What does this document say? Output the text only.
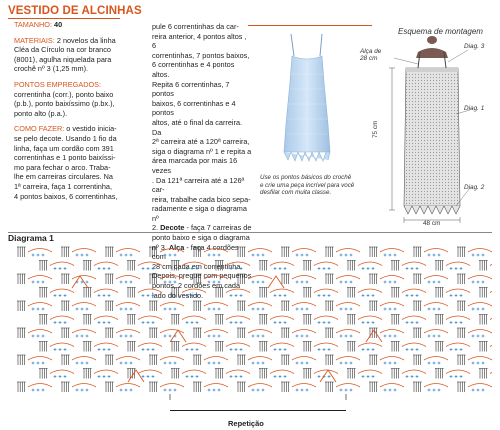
VESTIDO DE ALCINHAS
TAMANHO: 40
MATERIAIS: 2 novelos da linha
Cléa da Círculo na cor branco
(8001), agulha niquelada para
crochê nº 3 (1,25 mm).
PONTOS EMPREGADOS:
correntinha (corr.), ponto baixo
(p.b.), ponto baixíssimo (p.bx.),
ponto alto (p.a.).
COMO FAZER: o vestido inicia-
se pelo decote. Usando 1 fio da
linha, faça um cordão com 391
correntinhas e 1 ponto baixíssi-
mo para fechar o arco. Traba-
lhe em carreiras circulares. Na
1ª carreira, faça 1 correntinha,
4 pontos baixos, 6 correntinhas,
pule 6 correntinhas da car-
reira anterior, 4 pontos altos , 6
correntinhas, 7 pontos baixos,
6 correntinhas e 4 pontos altos.
Repita 6 correntinhas, 7 pontos
baixos, 6 correntinhas e 4 pontos
altos, até o final da carreira. Da
2ª carreira até a 120ª carreira,
siga o diagrama nº 1 e repita a
área marcada por mais 16 vezes
. Da 121ª carreira até a 126ª car-
reira, trabalhe cada bico sepa-
radamente e siga o diagrama nº
2. Decote - faça 7 carreiras de
ponto baixo e siga o diagrama
nº 3. Alça - faça 4 cordões com
28 cm cada em correntinha.
Depois, pregue com pequenos
pontos, 2 cordões em cada
lado do vestido.
Use os pontos básicos do crochê
e crie uma peça incrível para você
desfilar com muita classe.
Esquema de montagem
Alça de
28 cm
Diag. 3
Diag. 1
Diag. 2
75 cm
48 cm
Diagrama 1
Repetição
